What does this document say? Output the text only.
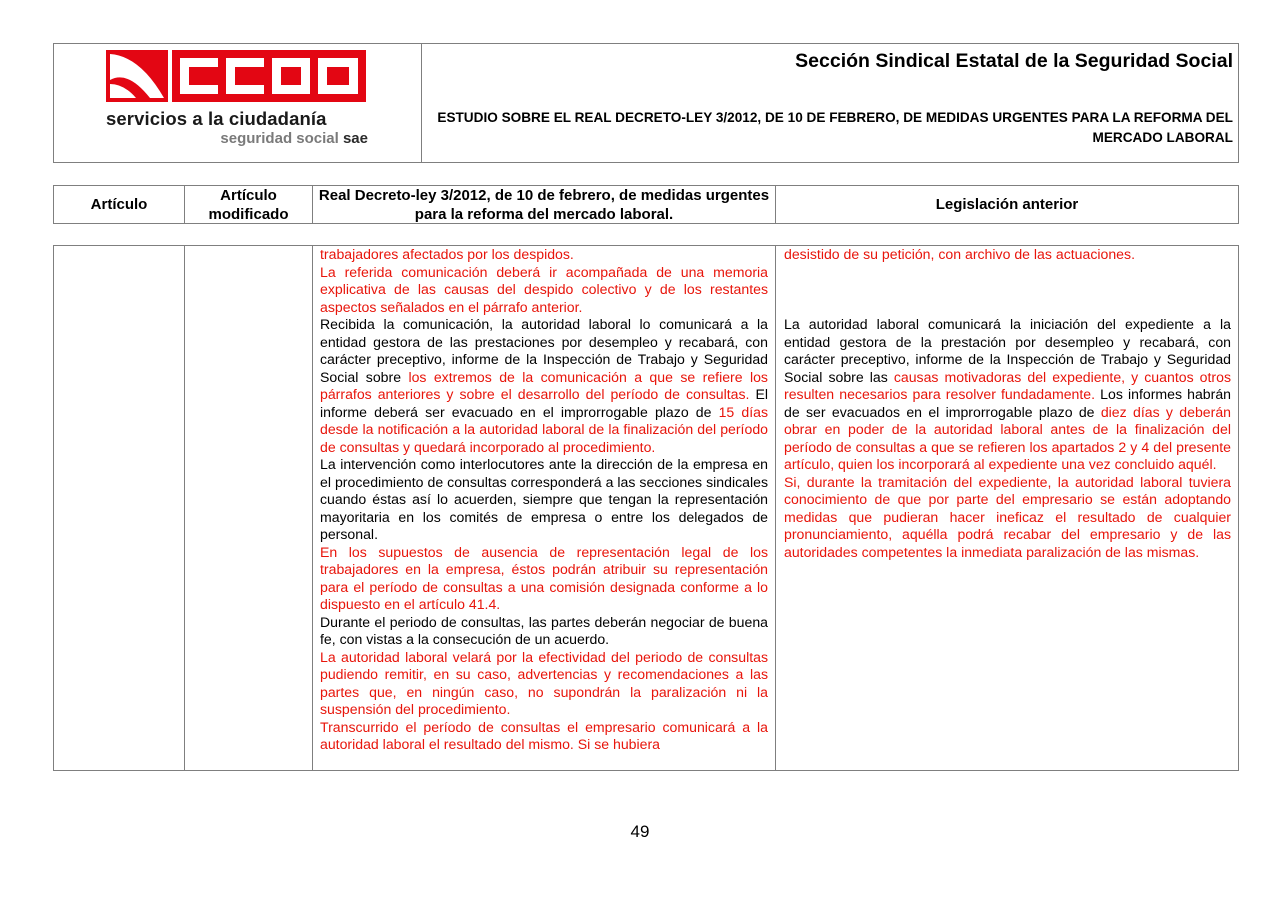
servicios a la ciudadanía
seguridad social sae
Sección Sindical Estatal de la Seguridad Social
ESTUDIO SOBRE EL REAL DECRETO-LEY 3/2012, DE 10 DE FEBRERO, DE MEDIDAS URGENTES PARA LA REFORMA DEL MERCADO LABORAL
Artículo
Artículo modificado
Real Decreto-ley 3/2012, de 10 de febrero, de medidas urgentes para la reforma del mercado laboral.
Legislación anterior

trabajadores afectados por los despidos.

La referida comunicación deberá ir acompañada de una memoria explicativa de las causas del despido colectivo y de los restantes aspectos señalados en el párrafo anterior.

Recibida la comunicación, la autoridad laboral lo comunicará a la entidad gestora de las prestaciones por desempleo y recabará, con carácter preceptivo, informe de la Inspección de Trabajo y Seguridad Social sobre los extremos de la comunicación a que se refiere los párrafos anteriores y sobre el desarrollo del período de consultas. El informe deberá ser evacuado en el improrrogable plazo de 15 días desde la notificación a la autoridad laboral de la finalización del período de consultas y quedará incorporado al procedimiento.

La intervención como interlocutores ante la dirección de la empresa en el procedimiento de consultas corresponderá a las secciones sindicales cuando éstas así lo acuerden, siempre que tengan la representación mayoritaria en los comités de empresa o entre los delegados de personal.

En los supuestos de ausencia de representación legal de los trabajadores en la empresa, éstos podrán atribuir su representación para el período de consultas a una comisión designada conforme a lo dispuesto en el artículo 41.4.

Durante el periodo de consultas, las partes deberán negociar de buena fe, con vistas a la consecución de un acuerdo.

La autoridad laboral velará por la efectividad del periodo de consultas pudiendo remitir, en su caso, advertencias y recomendaciones a las partes que, en ningún caso, no supondrán la paralización ni la suspensión del procedimiento.

Transcurrido el período de consultas el empresario comunicará a la autoridad laboral el resultado del mismo. Si se hubiera

desistido de su petición, con archivo de las actuaciones.

La autoridad laboral comunicará la iniciación del expediente a la entidad gestora de la prestación por desempleo y recabará, con carácter preceptivo, informe de la Inspección de Trabajo y Seguridad Social sobre las causas motivadoras del expediente, y cuantos otros resulten necesarios para resolver fundadamente. Los informes habrán de ser evacuados en el improrrogable plazo de diez días y deberán obrar en poder de la autoridad laboral antes de la finalización del período de consultas a que se refieren los apartados 2 y 4 del presente artículo, quien los incorporará al expediente una vez concluido aquél.

Si, durante la tramitación del expediente, la autoridad laboral tuviera conocimiento de que por parte del empresario se están adoptando medidas que pudieran hacer ineficaz el resultado de cualquier pronunciamiento, aquélla podrá recabar del empresario y de las autoridades competentes la inmediata paralización de las mismas.

49
